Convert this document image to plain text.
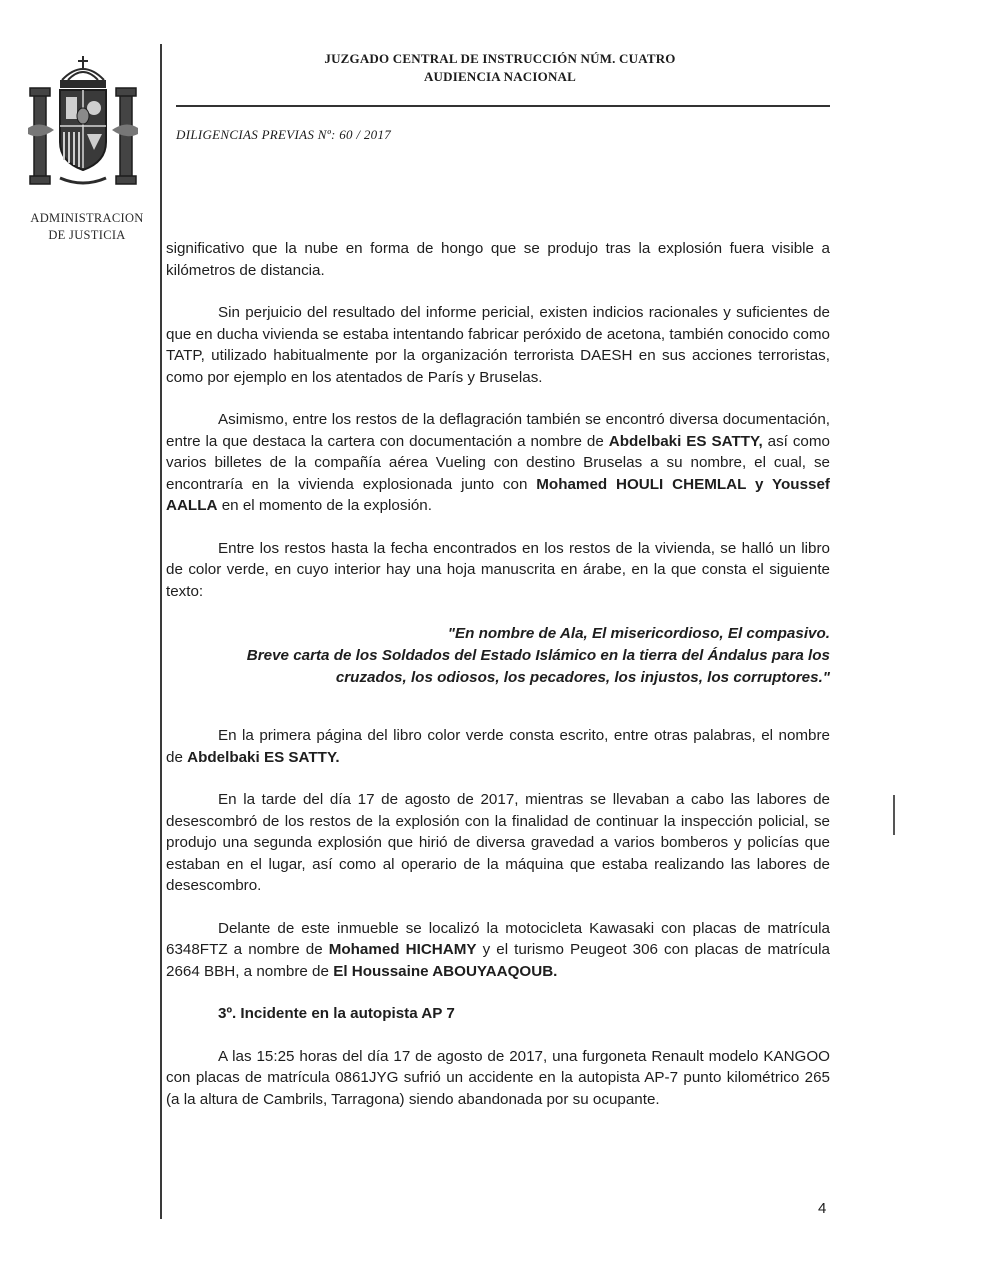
ADMINISTRACION
DE JUSTICIA
JUZGADO CENTRAL DE INSTRUCCIÓN NÚM. CUATRO
AUDIENCIA NACIONAL
DILIGENCIAS PREVIAS Nº: 60 / 2017

significativo que la nube en forma de hongo que se produjo tras la explosión fuera visible a kilómetros de distancia.

Sin perjuicio del resultado del informe pericial, existen indicios racionales y suficientes de que en ducha vivienda se estaba intentando fabricar peróxido de acetona, también conocido como TATP, utilizado habitualmente por la organización terrorista DAESH en sus acciones terroristas, como por ejemplo en los atentados de París y Bruselas.

Asimismo, entre los restos de la deflagración también se encontró diversa documentación, entre la que destaca la cartera con documentación a nombre de Abdelbaki ES SATTY, así como varios billetes de la compañía aérea Vueling con destino Bruselas a su nombre, el cual, se encontraría en la vivienda explosionada junto con Mohamed HOULI CHEMLAL y Youssef AALLA en el momento de la explosión.

Entre los restos hasta la fecha encontrados en los restos de la vivienda, se halló un libro de color verde, en cuyo interior hay una hoja manuscrita en árabe, en la que consta el siguiente texto:

"En nombre de Ala, El misericordioso, El compasivo.
Breve carta de los Soldados del Estado Islámico en la tierra del Ándalus para los
cruzados, los odiosos, los pecadores, los injustos, los corruptores."

En la primera página del libro color verde consta escrito, entre otras palabras, el nombre de Abdelbaki ES SATTY.

En la tarde del día 17 de agosto de 2017, mientras se llevaban a cabo las labores de desescombró de los restos de la explosión con la finalidad de continuar la inspección policial, se produjo una segunda explosión que hirió de diversa gravedad a varios bomberos y policías que estaban en el lugar, así como al operario de la máquina que estaba realizando las labores de desescombro.

Delante de este inmueble se localizó la motocicleta Kawasaki con placas de matrícula 6348FTZ a nombre de Mohamed HICHAMY y el turismo Peugeot 306 con placas de matrícula 2664 BBH, a nombre de El Houssaine ABOUYAAQOUB.

3º. Incidente en la autopista AP 7

A las 15:25 horas del día 17 de agosto de 2017, una furgoneta Renault modelo KANGOO con placas de matrícula 0861JYG sufrió un accidente en la autopista AP-7 punto kilométrico 265 (a la altura de Cambrils, Tarragona) siendo abandonada por su ocupante.

4
